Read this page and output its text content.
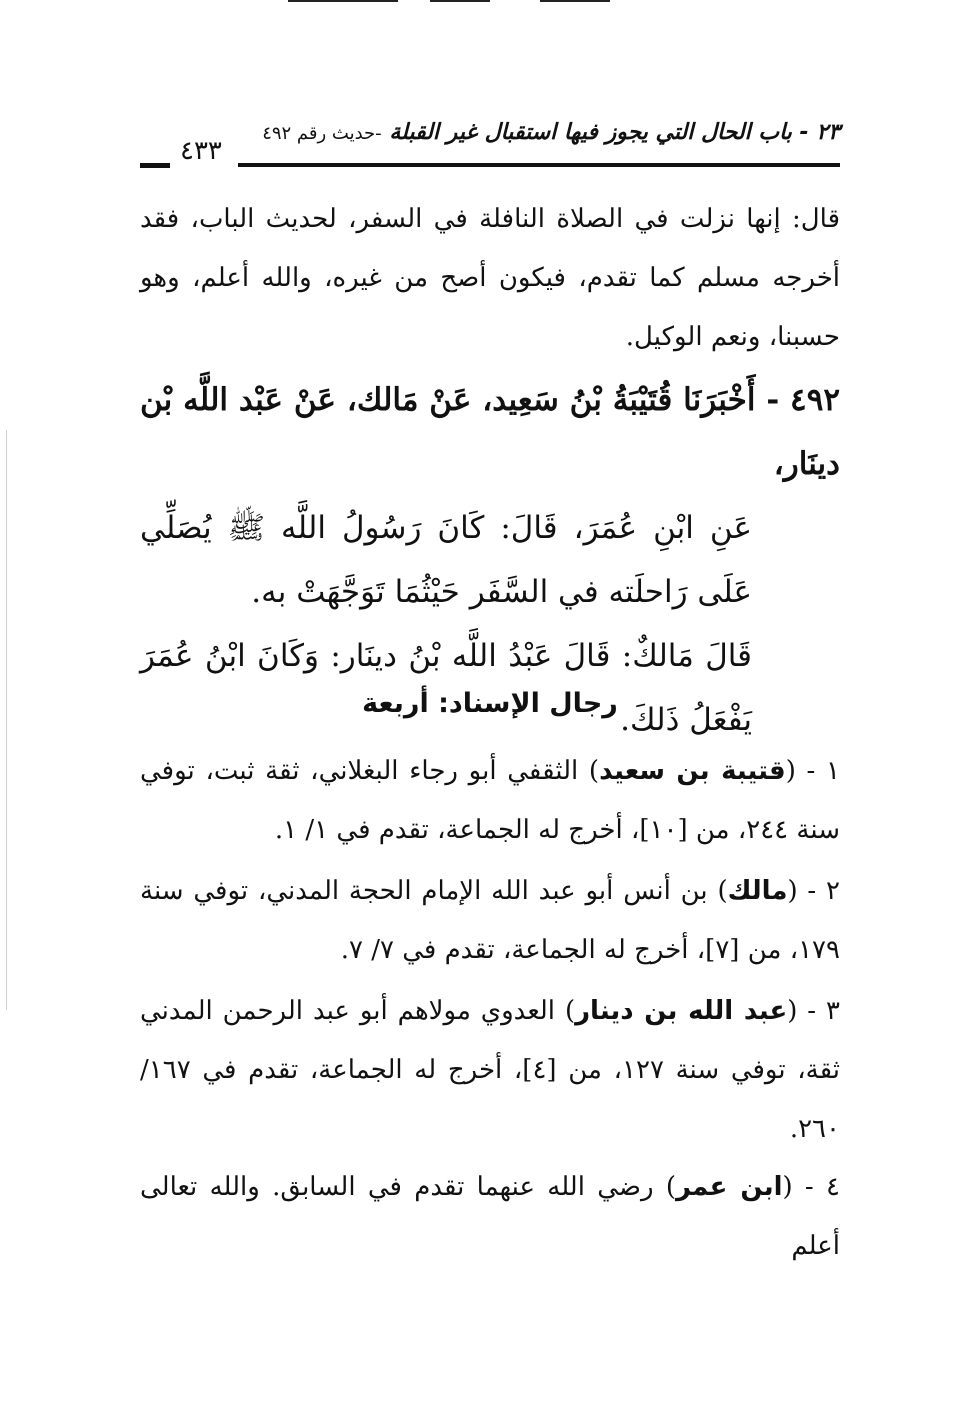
٢٣ - باب الحال التي يجوز فيها استقبال غير القبلة -حديث رقم ٤٩٢
٤٣٣
قال: إنها نزلت في الصلاة النافلة في السفر، لحديث الباب، فقد أخرجه مسلم كما تقدم، فيكون أصح من غيره، والله أعلم، وهو حسبنا، ونعم الوكيل.
٤٩٢ - أَخْبَرَنَا قُتَيْبَةُ بْنُ سَعِيد، عَنْ مَالك، عَنْ عَبْد اللَّه بْن دينَار،
عَنِ ابْنِ عُمَرَ، قَالَ: كَانَ رَسُولُ اللَّه ﷺ يُصَلِّي عَلَى رَاحلَته في السَّفَر حَيْثُمَا تَوَجَّهَتْ به.
قَالَ مَالكٌ: قَالَ عَبْدُ اللَّه بْنُ دينَار: وَكَانَ ابْنُ عُمَرَ يَفْعَلُ ذَلكَ.
رجال الإسناد: أربعة
١ - (قتيبة بن سعيد) الثقفي أبو رجاء البغلاني، ثقة ثبت، توفي سنة ٢٤٤، من [١٠]، أخرج له الجماعة، تقدم في ١/ ١.
٢ - (مالك) بن أنس أبو عبد الله الإمام الحجة المدني، توفي سنة ١٧٩، من [٧]، أخرج له الجماعة، تقدم في ٧/ ٧.
٣ - (عبد الله بن دينار) العدوي مولاهم أبو عبد الرحمن المدني ثقة، توفي سنة ١٢٧، من [٤]، أخرج له الجماعة، تقدم في ١٦٧/ ٢٦٠.
٤ - (ابن عمر) رضي الله عنهما تقدم في السابق. والله تعالى أعلم
